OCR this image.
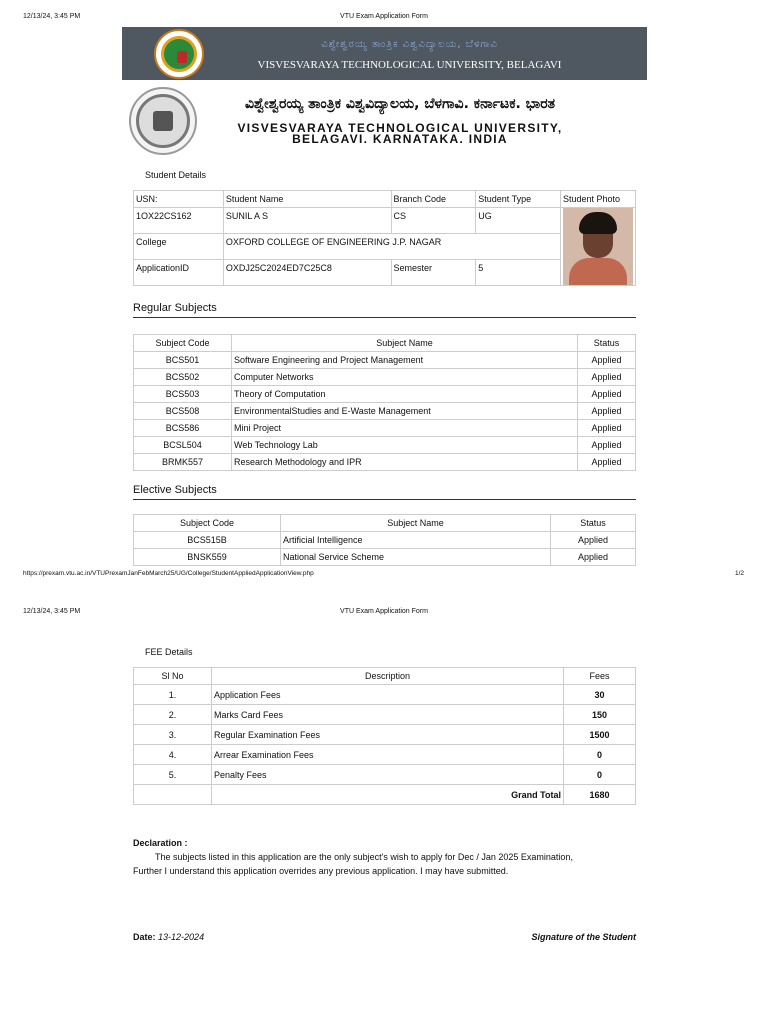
12/13/24, 3:45 PM	VTU Exam Application Form
ವಿಶ್ವೇಶ್ವರಯ್ಯ ತಾಂತ್ರಿಕ ವಿಶ್ವವಿದ್ಯಾಲಯ, ಬೆಳಗಾವಿ
VISVESVARAYA TECHNOLOGICAL UNIVERSITY, BELAGAVI
ವಿಶ್ವೇಶ್ವರಯ್ಯ ತಾಂತ್ರಿಕ ವಿಶ್ವವಿದ್ಯಾಲಯ, ಬೆಳಗಾವಿ. ಕರ್ನಾಟಕ. ಭಾರತ
VISVESVARAYA TECHNOLOGICAL UNIVERSITY,
BELAGAVI. KARNATAKA. INDIA
Student Details
USN:	Student Name	Branch Code	Student Type	Student Photo
1OX22CS162	SUNIL A S	CS	UG	

College	OXFORD COLLEGE OF ENGINEERING J.P. NAGAR			
ApplicationID	OXDJ25C2024ED7C25C8	Semester	5	
Regular Subjects
Subject Code	Subject Name	Status
BCS501	Software Engineering and Project Management	Applied
BCS502	Computer Networks	Applied
BCS503	Theory of Computation	Applied
BCS508	EnvironmentalStudies and E-Waste Management	Applied
BCS586	Mini Project	Applied
BCSL504	Web Technology Lab	Applied
BRMK557	Research Methodology and IPR	Applied
Elective Subjects
Subject Code	Subject Name	Status
BCS515B	Artificial Intelligence	Applied
BNSK559	National Service Scheme	Applied
https://prexam.vtu.ac.in/VTUPrexamJanFebMarch25/UG/College/StudentAppliedApplicationView.php	1/2
12/13/24, 3:45 PM	VTU Exam Application Form
FEE Details
Sl No	Description	Fees
1.	Application Fees	30
2.	Marks Card Fees	150
3.	Regular Examination Fees	1500
4.	Arrear Examination Fees	0
5.	Penalty Fees	0
	Grand Total	1680
Declaration :
The subjects listed in this application are the only subject's wish to apply for Dec / Jan 2025 Examination,
Further I understand this application overrides any previous application. I may have submitted.
Date: 13-12-2024	Signature of the Student
